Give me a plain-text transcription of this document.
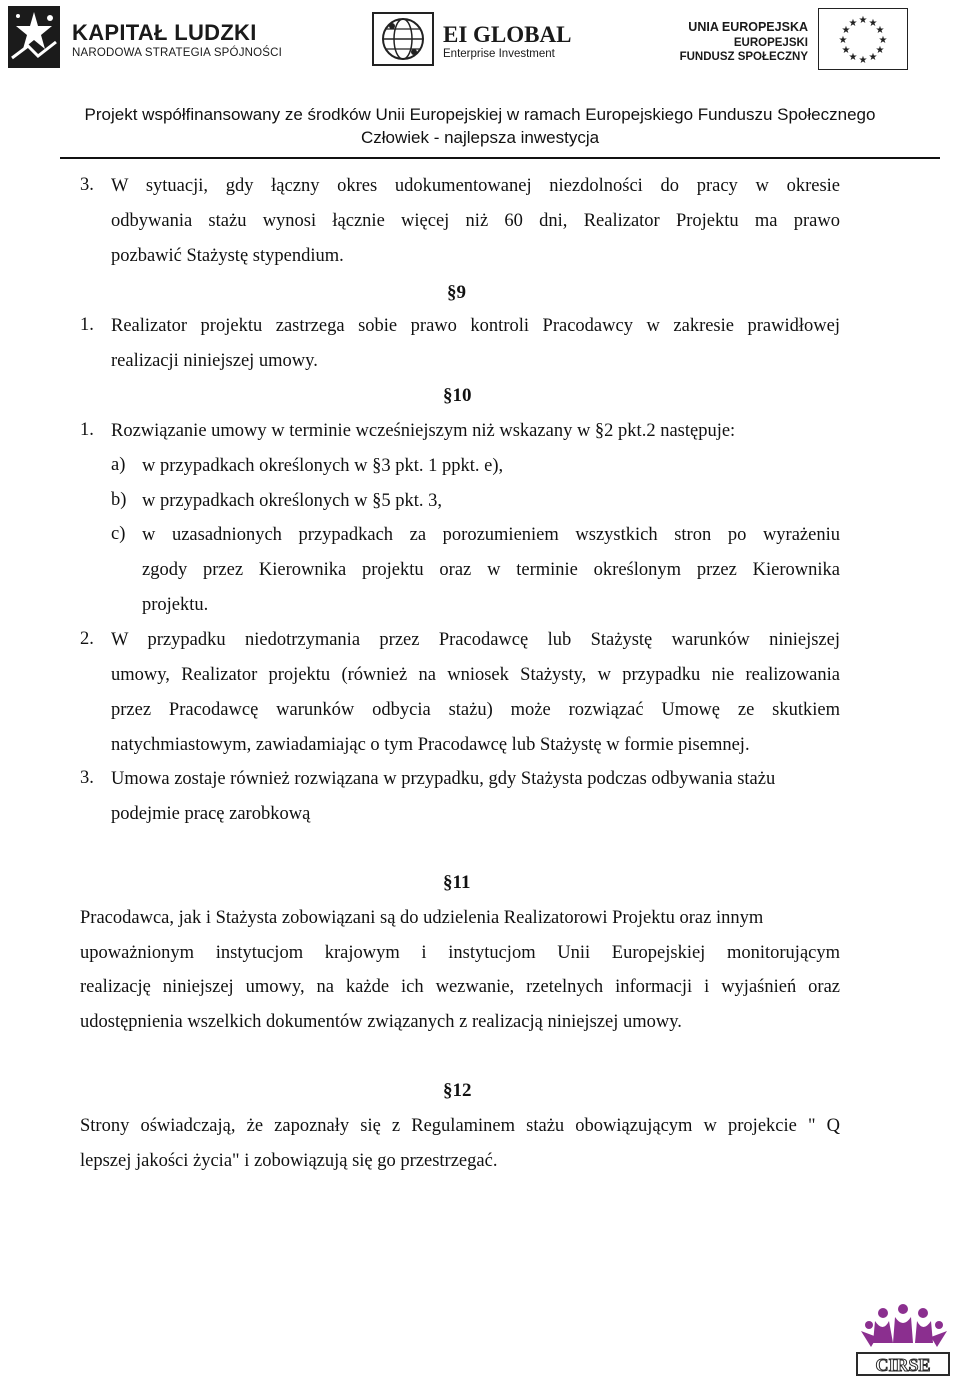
KAPITAŁ LUDZKI
NARODOWA STRATEGIA SPÓJNOŚCI
EI GLOBAL
Enterprise Investment
UNIA EUROPEJSKA
EUROPEJSKI
FUNDUSZ SPOŁECZNY
★ ★
★
★
★
★
★
★
★
★
★
★
Projekt współfinansowany ze środków Unii Europejskiej w ramach Europejskiego Funduszu Społecznego
Człowiek - najlepsza inwestycja
3. W sytuacji, gdy łączny okres udokumentowanej niezdolności do pracy w okresie
odbywania stażu wynosi łącznie więcej niż 60 dni, Realizator Projektu ma prawo
pozbawić Stażystę stypendium.
§9
1. Realizator projektu zastrzega sobie prawo kontroli Pracodawcy w zakresie prawidłowej
realizacji niniejszej umowy.
§10
1. Rozwiązanie umowy w terminie wcześniejszym niż wskazany w §2 pkt.2 następuje:
a) w przypadkach określonych w §3 pkt. 1 ppkt. e),
b) w przypadkach określonych w §5 pkt. 3,
c) w uzasadnionych przypadkach za porozumieniem wszystkich stron po wyrażeniu
zgody przez Kierownika projektu oraz w terminie określonym przez Kierownika
projektu.
2. W przypadku niedotrzymania przez Pracodawcę lub Stażystę warunków niniejszej
umowy, Realizator projektu (również na wniosek Stażysty, w przypadku nie realizowania
przez Pracodawcę warunków odbycia stażu) może rozwiązać Umowę ze skutkiem
natychmiastowym, zawiadamiając o tym Pracodawcę lub Stażystę w formie pisemnej.
3. Umowa zostaje również rozwiązana w przypadku, gdy Stażysta podczas odbywania stażu
podejmie pracę zarobkową
§11
Pracodawca, jak i Stażysta zobowiązani są do udzielenia Realizatorowi Projektu oraz innym
upoważnionym instytucjom krajowym i instytucjom Unii Europejskiej monitorującym
realizację niniejszej umowy, na każde ich wezwanie, rzetelnych informacji i wyjaśnień oraz
udostępnienia wszelkich dokumentów związanych z realizacją niniejszej umowy.
§12
Strony oświadczają, że zapoznały się z Regulaminem stażu obowiązującym w projekcie " Q
lepszej jakości życia" i zobowiązują się go przestrzegać.
CIRSE
